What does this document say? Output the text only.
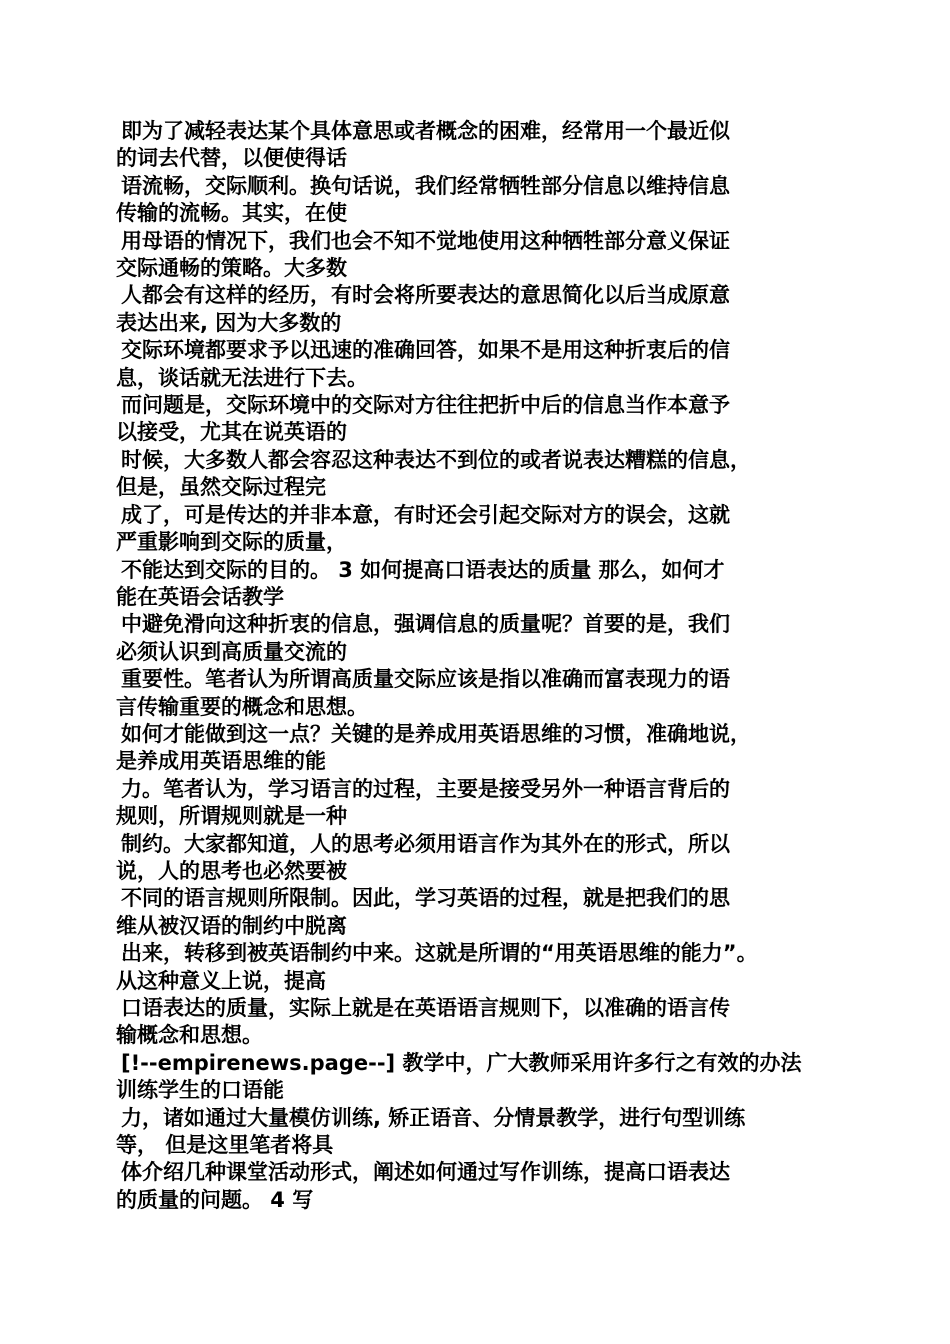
即为了减轻表达某个具体意思或者概念的困难，经常用一个最近似
的词去代替，以便使得话

语流畅，交际顺利。换句话说，我们经常牺牲部分信息以维持信息
传输的流畅。其实，在使

用母语的情况下，我们也会不知不觉地使用这种牺牲部分意义保证
交际通畅的策略。大多数

人都会有这样的经历，有时会将所要表达的意思简化以后当成原意
表达出来, 因为大多数的

交际环境都要求予以迅速的准确回答，如果不是用这种折衷后的信
息，谈话就无法进行下去。

而问题是，交际环境中的交际对方往往把折中后的信息当作本意予
以接受，尤其在说英语的

时候，大多数人都会容忍这种表达不到位的或者说表达糟糕的信息，
但是，虽然交际过程完

成了，可是传达的并非本意，有时还会引起交际对方的误会，这就
严重影响到交际的质量，

不能达到交际的目的。 3 如何提高口语表达的质量 那么，如何才
能在英语会话教学

中避免滑向这种折衷的信息，强调信息的质量呢？首要的是，我们
必须认识到高质量交流的

重要性。笔者认为所谓高质量交际应该是指以准确而富表现力的语
言传输重要的概念和思想。

如何才能做到这一点？关键的是养成用英语思维的习惯，准确地说，
是养成用英语思维的能

力。笔者认为，学习语言的过程，主要是接受另外一种语言背后的
规则，所谓规则就是一种

制约。大家都知道，人的思考必须用语言作为其外在的形式，所以
说，人的思考也必然要被

不同的语言规则所限制。因此，学习英语的过程，就是把我们的思
维从被汉语的制约中脱离

出来，转移到被英语制约中来。这就是所谓的“用英语思维的能力”。
从这种意义上说，提高

口语表达的质量，实际上就是在英语语言规则下，以准确的语言传
输概念和思想。

[!--empirenews.page--] 教学中，广大教师采用许多行之有效的办法
训练学生的口语能

力，诸如通过大量模仿训练, 矫正语音、分情景教学，进行句型训练
等， 但是这里笔者将具

体介绍几种课堂活动形式，阐述如何通过写作训练，提高口语表达
的质量的问题。 4 写
